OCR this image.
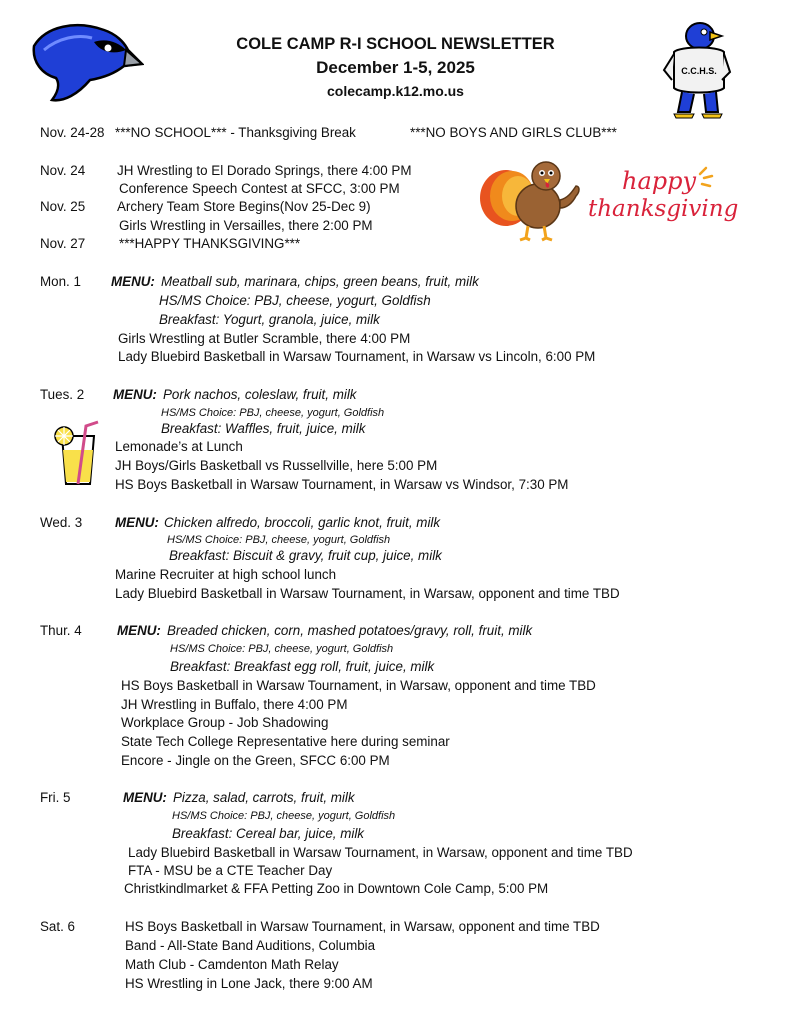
COLE CAMP R-I SCHOOL NEWSLETTER
December 1-5, 2025
colecamp.k12.mo.us
C.C.H.S.
Nov. 24-28 ***NO SCHOOL*** - Thanksgiving Break	***NO BOYS AND GIRLS CLUB***
Nov. 24 JH Wrestling to El Dorado Springs, there 4:00 PM
Conference Speech Contest at SFCC, 3:00 PM
Nov. 25 Archery Team Store Begins(Nov 25-Dec 9)
Girls Wrestling in Versailles, there 2:00 PM
Nov. 27	***HAPPY THANKSGIVING***
happy
thanksgiving
Mon. 1 MENU: Meatball sub, marinara, chips, green beans, fruit, milk
HS/MS Choice: PBJ, cheese, yogurt, Goldfish
Breakfast: Yogurt, granola, juice, milk
Girls Wrestling at Butler Scramble, there 4:00 PM
Lady Bluebird Basketball in Warsaw Tournament, in Warsaw vs Lincoln, 6:00 PM
Tues. 2 MENU: Pork nachos, coleslaw, fruit, milk
HS/MS Choice: PBJ, cheese, yogurt, Goldfish
Breakfast: Waffles, fruit, juice, milk
Lemonade’s at Lunch
JH Boys/Girls Basketball vs Russellville, here 5:00 PM
HS Boys Basketball in Warsaw Tournament, in Warsaw vs Windsor, 7:30 PM
Wed. 3 MENU: Chicken alfredo, broccoli, garlic knot, fruit, milk
HS/MS Choice: PBJ, cheese, yogurt, Goldfish
Breakfast: Biscuit & gravy, fruit cup, juice, milk
Marine Recruiter at high school lunch
Lady Bluebird Basketball in Warsaw Tournament, in Warsaw, opponent and time TBD
Thur. 4	MENU: Breaded chicken, corn, mashed potatoes/gravy, roll, fruit, milk
HS/MS Choice: PBJ, cheese, yogurt, Goldfish
Breakfast: Breakfast egg roll, fruit, juice, milk
HS Boys Basketball in Warsaw Tournament, in Warsaw, opponent and time TBD
JH Wrestling in Buffalo, there 4:00 PM
Workplace Group - Job Shadowing
State Tech College Representative here during seminar
Encore - Jingle on the Green, SFCC 6:00 PM
Fri. 5	MENU: Pizza, salad, carrots, fruit, milk
HS/MS Choice: PBJ, cheese, yogurt, Goldfish
Breakfast: Cereal bar, juice, milk
Lady Bluebird Basketball in Warsaw Tournament, in Warsaw, opponent and time TBD
FTA - MSU be a CTE Teacher Day
Christkindlmarket & FFA Petting Zoo in Downtown Cole Camp, 5:00 PM
Sat. 6	HS Boys Basketball in Warsaw Tournament, in Warsaw, opponent and time TBD
Band - All-State Band Auditions, Columbia
Math Club - Camdenton Math Relay
HS Wrestling in Lone Jack, there 9:00 AM
